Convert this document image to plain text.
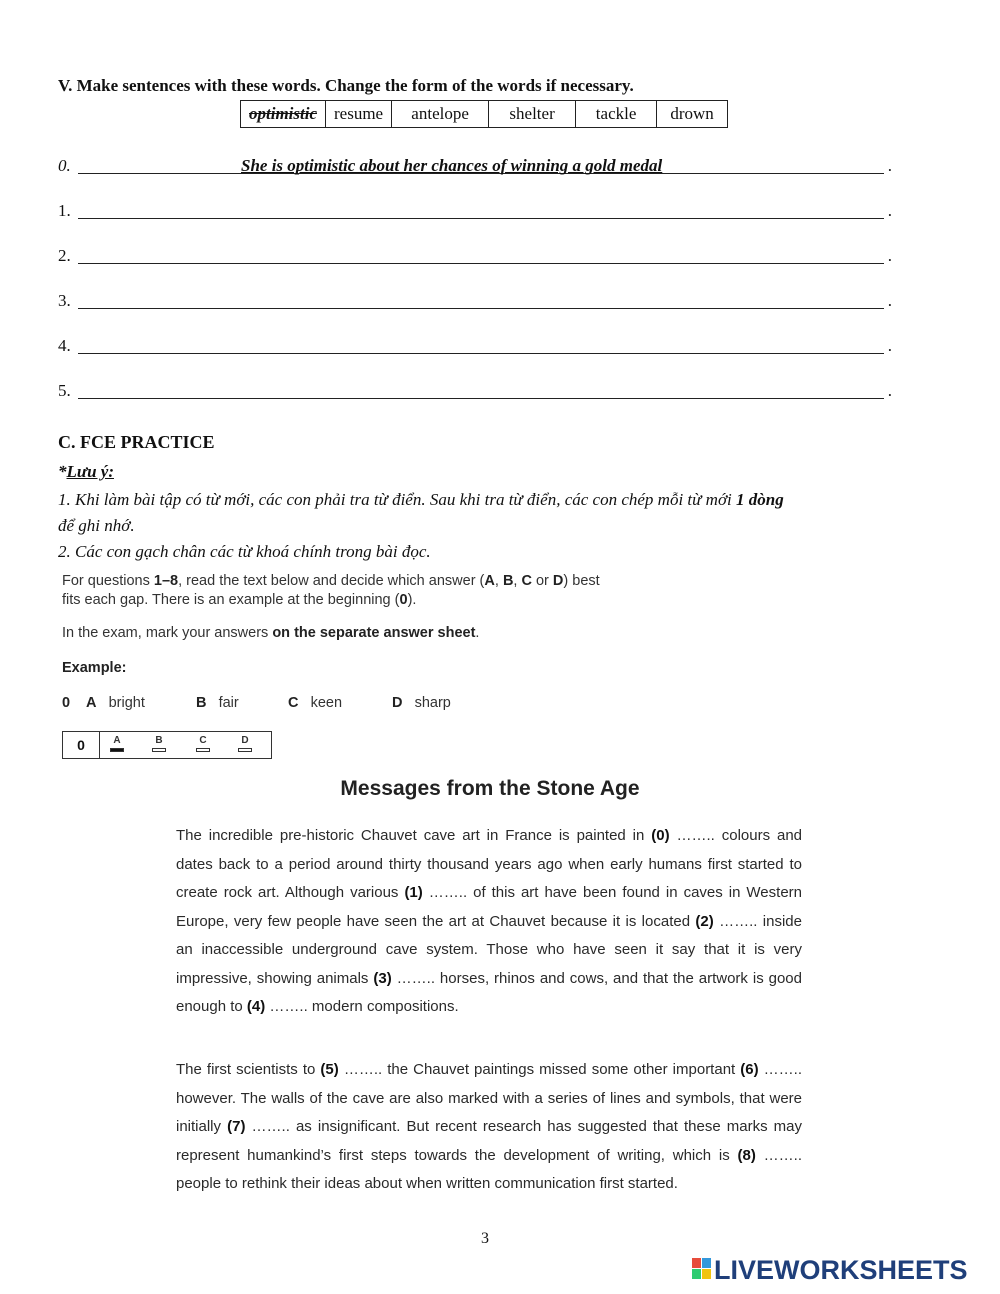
V. Make sentences with these words. Change the form of the words if necessary.
optimistic	resume	antelope	shelter	tackle	drown
0.	She is optimistic about her chances of winning a gold medal	.
1.	.
2.	.
3.	.
4.	.
5.	.
C. FCE PRACTICE
*Lưu ý:
1. Khi làm bài tập có từ mới, các con phải tra từ điển. Sau khi tra từ điển, các con chép mỗi từ mới 1 dòng
để ghi nhớ.
2. Các con gạch chân các từ khoá chính trong bài đọc.
For questions 1–8, read the text below and decide which answer (A, B, C or D) best
fits each gap. There is an example at the beginning (0).
In the exam, mark your answers on the separate answer sheet.
Example:
0 A bright	B fair	C keen	D sharp
0	A	B	C	D
Messages from the Stone Age
The incredible pre-historic Chauvet cave art in France is painted in (0) …….. colours and dates back to a period around thirty thousand years ago when early humans first started to create rock art. Although various (1) …….. of this art have been found in caves in Western Europe, very few people have seen the art at Chauvet because it is located (2) …….. inside an inaccessible underground cave system. Those who have seen it say that it is very impressive, showing animals (3) …….. horses, rhinos and cows, and that the artwork is good enough to (4) …….. modern compositions.
The first scientists to (5) …….. the Chauvet paintings missed some other important (6) …….. however. The walls of the cave are also marked with a series of lines and symbols, that were initially (7) …….. as insignificant. But recent research has suggested that these marks may represent humankind’s first steps towards the development of writing, which is (8) …….. people to rethink their ideas about when written communication first started.
3
LIVEWORKSHEETS
